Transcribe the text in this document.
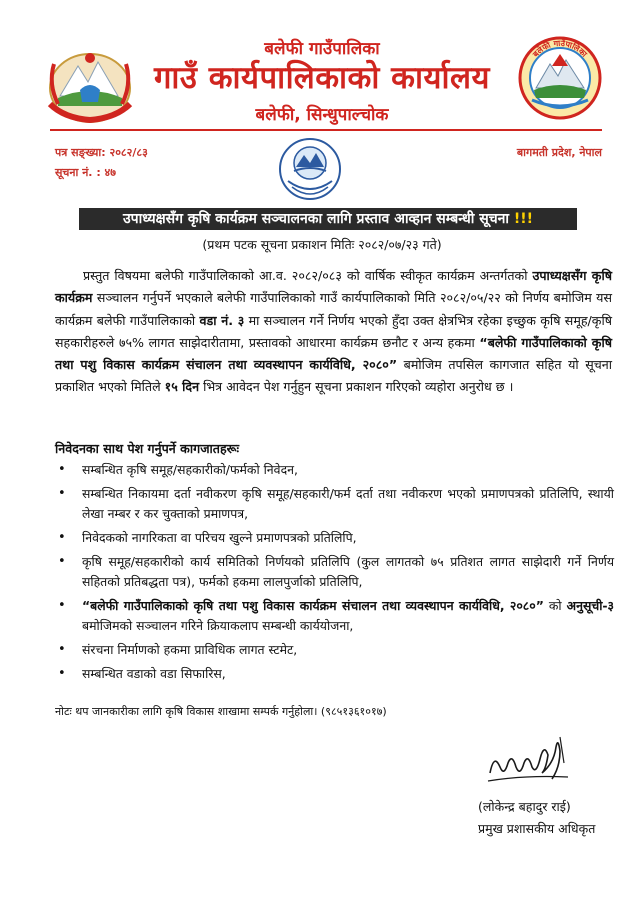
बलेफी गाउँपालिका
बलेफी गाउँपालिका
गाउँ कार्यपालिकाको कार्यालय
बलेफी, सिन्धुपाल्चोक
पत्र सङ्ख्या: २०८२/८३
सूचना नं. : ४७
बागमती प्रदेश, नेपाल
उपाध्यक्षसँग कृषि कार्यक्रम सञ्चालनका लागि प्रस्ताव आव्हान सम्बन्धी सूचना !!!
(प्रथम पटक सूचना प्रकाशन मितिः २०८२/०७/२३ गते)

प्रस्तुत विषयमा बलेफी गाउँपालिकाको आ.व. २०८२/०८३ को वार्षिक स्वीकृत कार्यक्रम अन्तर्गतको उपाध्यक्षसँग कृषि कार्यक्रम सञ्चालन गर्नुपर्ने भएकाले बलेफी गाउँपालिकाको गाउँ कार्यपालिकाको मिति २०८२/०५/२२ को निर्णय बमोजिम यस कार्यक्रम बलेफी गाउँपालिकाको वडा नं. ३ मा सञ्चालन गर्ने निर्णय भएको हुँदा उक्त क्षेत्रभित्र रहेका इच्छुक कृषि समूह/कृषि सहकारीहरुले ७५% लागत साझेदारीतामा, प्रस्तावको आधारमा कार्यक्रम छनौट र अन्य हकमा “बलेफी गाउँपालिकाको कृषि तथा पशु विकास कार्यक्रम संचालन तथा व्यवस्थापन कार्यविधि, २०८०” बमोजिम तपसिल कागजात सहित यो सूचना प्रकाशित भएको मितिले १५ दिन भित्र आवेदन पेश गर्नुहुन सूचना प्रकाशन गरिएको व्यहोरा अनुरोध छ ।

निवेदनका साथ पेश गर्नुपर्ने कागजातहरूः
• सम्बन्धित कृषि समूह/सहकारीको/फर्मको निवेदन,
• सम्बन्धित निकायमा दर्ता नवीकरण कृषि समूह/सहकारी/फर्म दर्ता तथा नवीकरण भएको प्रमाणपत्रको प्रतिलिपि, स्थायी लेखा नम्बर र कर चुक्ताको प्रमाणपत्र,
• निवेदकको नागरिकता वा परिचय खुल्ने प्रमाणपत्रको प्रतिलिपि,
• कृषि समूह/सहकारीको कार्य समितिको निर्णयको प्रतिलिपि (कुल लागतको ७५ प्रतिशत लागत साझेदारी गर्ने निर्णय सहितको प्रतिबद्धता पत्र), फर्मको हकमा लालपुर्जाको प्रतिलिपि,
• “बलेफी गाउँपालिकाको कृषि तथा पशु विकास कार्यक्रम संचालन तथा व्यवस्थापन कार्यविधि, २०८०” को अनुसूची-३ बमोजिमको सञ्चालन गरिने क्रियाकलाप सम्बन्धी कार्ययोजना,
• संरचना निर्माणको हकमा प्राविधिक लागत स्टमेट,
• सम्बन्धित वडाको वडा सिफारिस,
नोटः थप जानकारीका लागि कृषि विकास शाखामा सम्पर्क गर्नुहोला। (९८५१३६१०१७)
(लोकेन्द्र बहादुर राई)
प्रमुख प्रशासकीय अधिकृत
